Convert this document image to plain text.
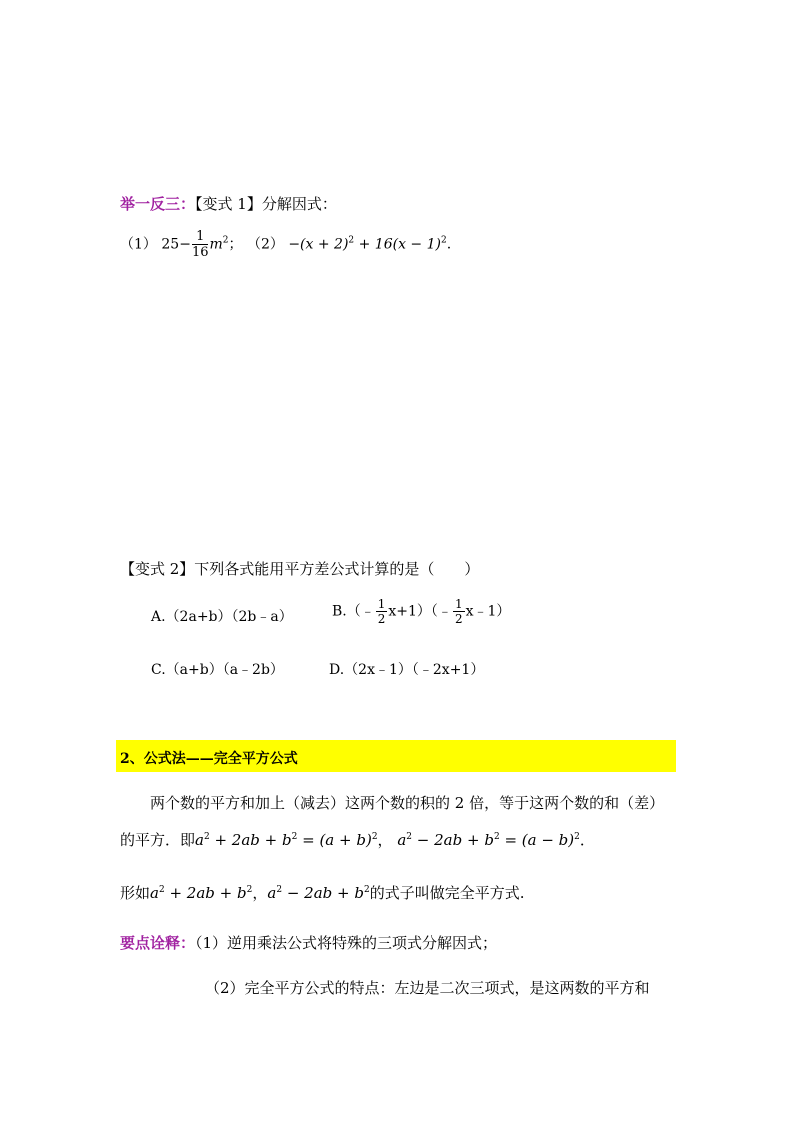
举一反三：【变式 1】分解因式：
（1） $25- \frac{1}{16} m^2$； $(2) -(x + 2)^2 + 16(x - 1)^2$.
【变式 2】下列各式能用平方差公式计算的是（　　）
A.（2a+b）（2b﹣a）	B.（﹣ $\frac{1}{2}$ x+1）（﹣ $\frac{1}{2}$ x﹣1）
C.（a+b）（a﹣2b）	D.（2x﹣1）（﹣2x+1）
2、公式法——完全平方公式
两个数的平方和加上（减去）这两个数的积的 2 倍，等于这两个数的和（差）
的平方．即$a^2 + 2ab + b^2 = (a + b)^2$， $a^2 - 2ab + b^2 = (a - b)^2$．
形如$a^2 + 2ab + b^2$，$a^2 - 2ab + b^2$的式子叫做完全平方式.
要点诠释：（1）逆用乘法公式将特殊的三项式分解因式；
（2）完全平方公式的特点：左边是二次三项式，是这两数的平方和
